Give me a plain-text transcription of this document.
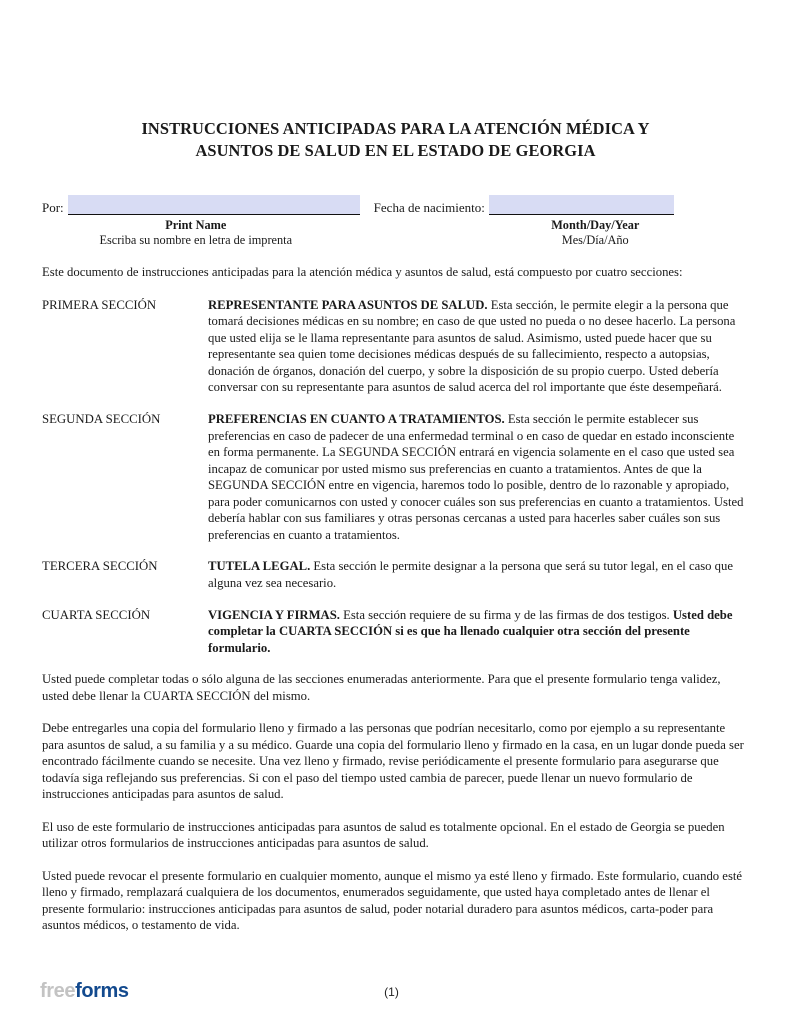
INSTRUCCIONES ANTICIPADAS PARA LA ATENCIÓN MÉDICA Y
ASUNTOS DE SALUD EN EL ESTADO DE GEORGIA
Por:	Fecha de nacimiento:
Print Name
Escriba su nombre en letra de imprenta
Month/Day/Year
Mes/Día/Año
Este documento de instrucciones anticipadas para la atención médica y asuntos de salud, está compuesto por cuatro secciones:
PRIMERA SECCIÓN	REPRESENTANTE PARA ASUNTOS DE SALUD. Esta sección, le permite elegir a la persona que tomará decisiones médicas en su nombre; en caso de que usted no pueda o no desee hacerlo. La persona que usted elija se le llama representante para asuntos de salud. Asimismo, usted puede hacer que su representante sea quien tome decisiones médicas después de su fallecimiento, respecto a autopsias, donación de órganos, donación del cuerpo, y sobre la disposición de su propio cuerpo. Usted debería conversar con su representante para asuntos de salud acerca del rol importante que éste desempeñará.
SEGUNDA SECCIÓN	PREFERENCIAS EN CUANTO A TRATAMIENTOS. Esta sección le permite establecer sus preferencias en caso de padecer de una enfermedad terminal o en caso de quedar en estado inconsciente en forma permanente. La SEGUNDA SECCIÓN entrará en vigencia solamente en el caso que usted sea incapaz de comunicar por usted mismo sus preferencias en cuanto a tratamientos. Antes de que la SEGUNDA SECCIÓN entre en vigencia, haremos todo lo posible, dentro de lo razonable y apropiado, para poder comunicarnos con usted y conocer cuáles son sus preferencias en cuanto a tratamientos. Usted debería hablar con sus familiares y otras personas cercanas a usted para hacerles saber cuáles son sus preferencias en cuanto a tratamientos.
TERCERA SECCIÓN	TUTELA LEGAL. Esta sección le permite designar a la persona que será su tutor legal, en el caso que alguna vez sea necesario.
CUARTA SECCIÓN	VIGENCIA Y FIRMAS. Esta sección requiere de su firma y de las firmas de dos testigos. Usted debe completar la CUARTA SECCIÓN si es que ha llenado cualquier otra sección del presente formulario.

Usted puede completar todas o sólo alguna de las secciones enumeradas anteriormente. Para que el presente formulario tenga validez, usted debe llenar la CUARTA SECCIÓN del mismo.

Debe entregarles una copia del formulario lleno y firmado a las personas que podrían necesitarlo, como por ejemplo a su representante para asuntos de salud, a su familia y a su médico. Guarde una copia del formulario lleno y firmado en la casa, en un lugar donde pueda ser encontrado fácilmente cuando se necesite. Una vez lleno y firmado, revise periódicamente el presente formulario para asegurarse que todavía siga reflejando sus preferencias. Si con el paso del tiempo usted cambia de parecer, puede llenar un nuevo formulario de instrucciones anticipadas para asuntos de salud.

El uso de este formulario de instrucciones anticipadas para asuntos de salud es totalmente opcional. En el estado de Georgia se pueden utilizar otros formularios de instrucciones anticipadas para asuntos de salud.

Usted puede revocar el presente formulario en cualquier momento, aunque el mismo ya esté lleno y firmado. Este formulario, cuando esté lleno y firmado, remplazará cualquiera de los documentos, enumerados seguidamente, que usted haya completado antes de llenar el presente formulario: instrucciones anticipadas para asuntos de salud, poder notarial duradero para asuntos médicos, carta-poder para asuntos médicos, o testamento de vida.

freeforms	(1)
